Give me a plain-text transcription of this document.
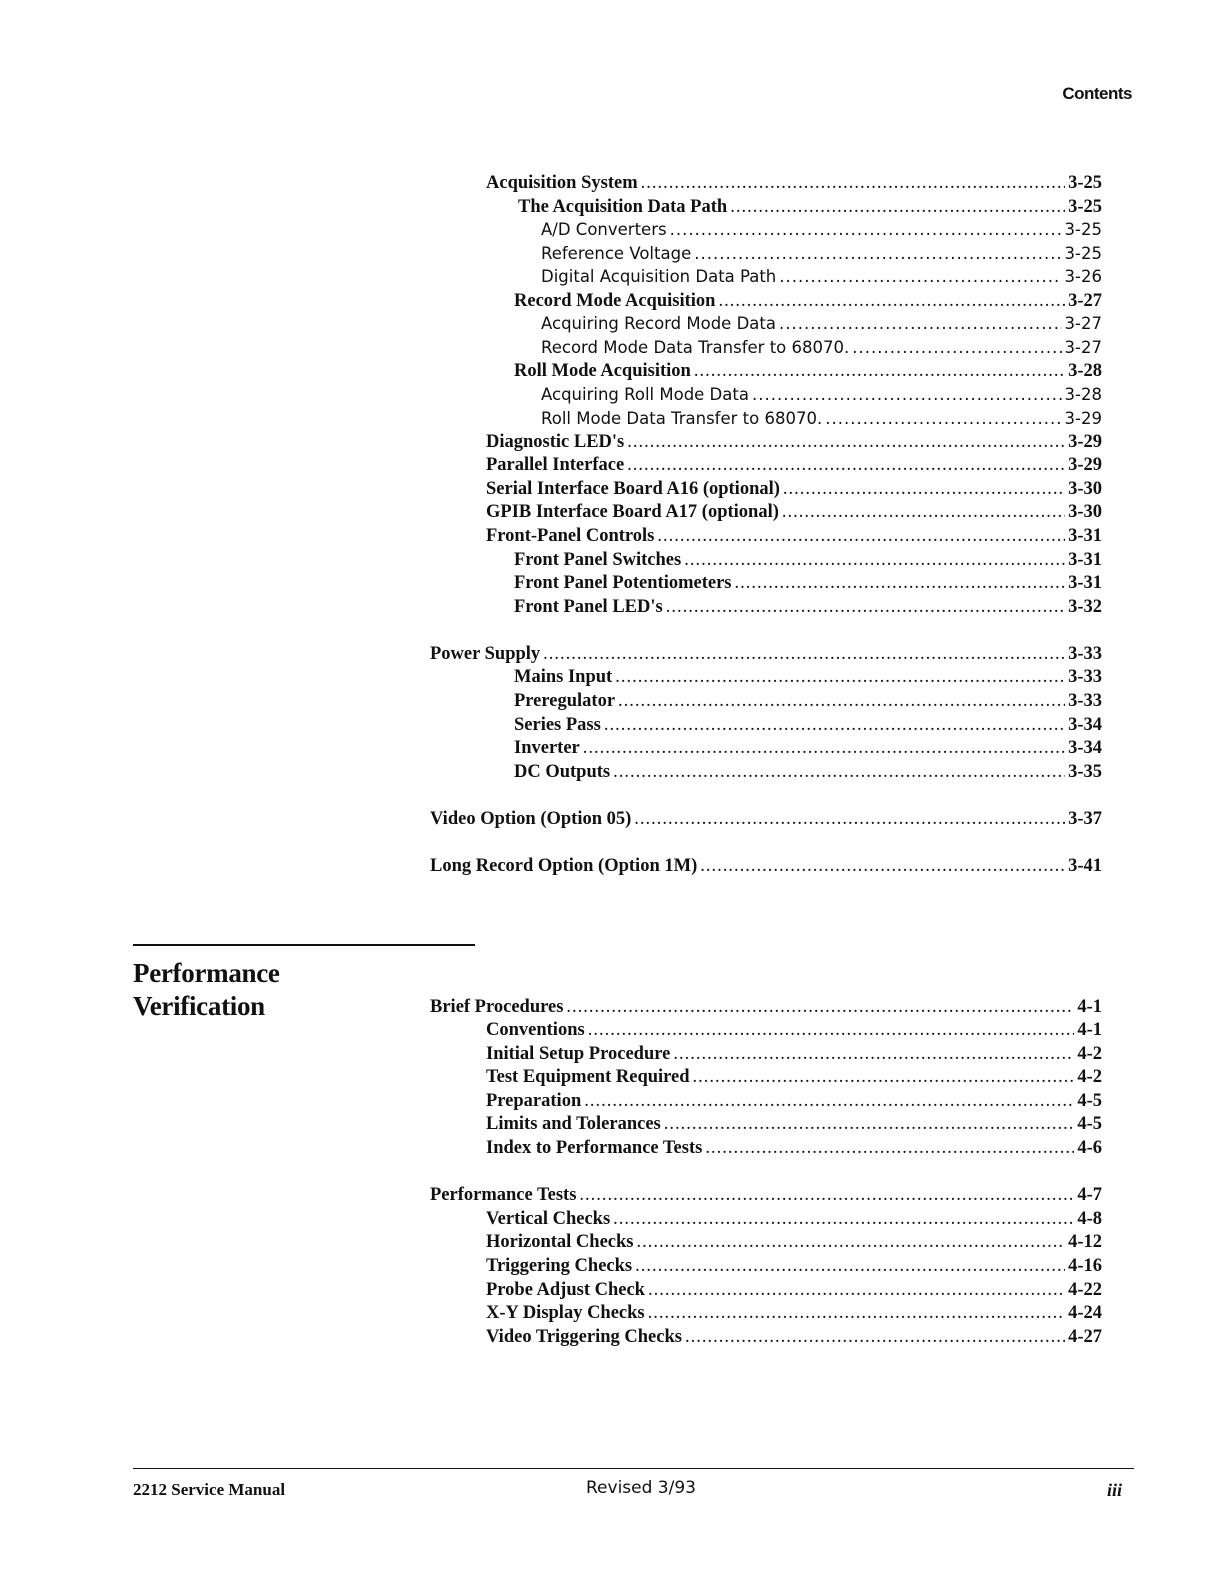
Contents
Acquisition System .....	3-25
The Acquisition Data Path .....	3-25
A/D Converters .....	3-25
Reference Voltage .....	3-25
Digital Acquisition Data Path .....	3-26
Record Mode Acquisition .....	3-27
Acquiring Record Mode Data .....	3-27
Record Mode Data Transfer to 68070. .....	3-27
Roll Mode Acquisition .....	3-28
Acquiring Roll Mode Data .....	3-28
Roll Mode Data Transfer to 68070. .....	3-29
Diagnostic LED's .....	3-29
Parallel Interface .....	3-29
Serial Interface Board A16 (optional) .....	3-30
GPIB Interface Board A17 (optional) .....	3-30
Front-Panel Controls .....	3-31
Front Panel Switches .....	3-31
Front Panel Potentiometers .....	3-31
Front Panel LED's .....	3-32
Power Supply .....	3-33
Mains Input .....	3-33
Preregulator .....	3-33
Series Pass .....	3-34
Inverter .....	3-34
DC Outputs .....	3-35
Video Option (Option 05) .....	3-37
Long Record Option (Option 1M) .....	3-41
Performance
Verification	Brief Procedures .....	4-1
Conventions .....	4-1
Initial Setup Procedure .....	4-2
Test Equipment Required .....	4-2
Preparation .....	4-5
Limits and Tolerances .....	4-5
Index to Performance Tests .....	4-6
Performance Tests .....	4-7
Vertical Checks .....	4-8
Horizontal Checks .....	4-12
Triggering Checks .....	4-16
Probe Adjust Check .....	4-22
X-Y Display Checks .....	4-24
Video Triggering Checks .....	4-27
2212 Service Manual	Revised 3/93	iii
